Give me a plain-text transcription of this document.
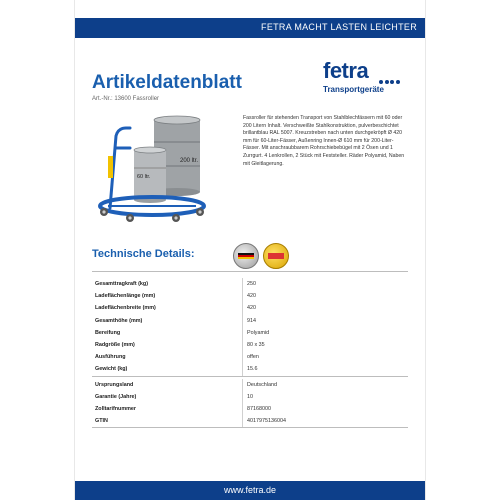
FETRA MACHT LASTEN LEICHTER
Artikeldatenblatt
Art.-Nr.: 13600 Fassroller
fetra
Transportgeräte
200 ltr.
60 ltr.
Fassroller für stehenden Transport von Stahlblechfässern mit 60 oder 200 Litern Inhalt. Verschweißte Stahlkonstruktion, pulverbeschichtet brillantblau RAL 5007. Kreuzstreben nach unten durchgekröpft Ø 420 mm für 60-Liter-Fässer, Außenring Innen-Ø 610 mm für 200-Liter-Fässer. Mit anschraubbarem Rohrschiebebügel mit 2 Ösen und 1 Zurrgurt. 4 Lenkrollen, 2 Stück mit Feststeller. Räder Polyamid, Naben mit Gleitlagerung.
Technische Details:
Gesamttragkraft (kg)	250
Ladeflächenlänge (mm)	420
Ladeflächenbreite (mm)	420
Gesamthöhe (mm)	914
Bereifung	Polyamid
Radgröße (mm)	80 x 35
Ausführung	offen
Gewicht (kg)	15.6
Ursprungsland	Deutschland
Garantie (Jahre)	10
Zolltarifnummer	87168000
GTIN	4017975136004
www.fetra.de
